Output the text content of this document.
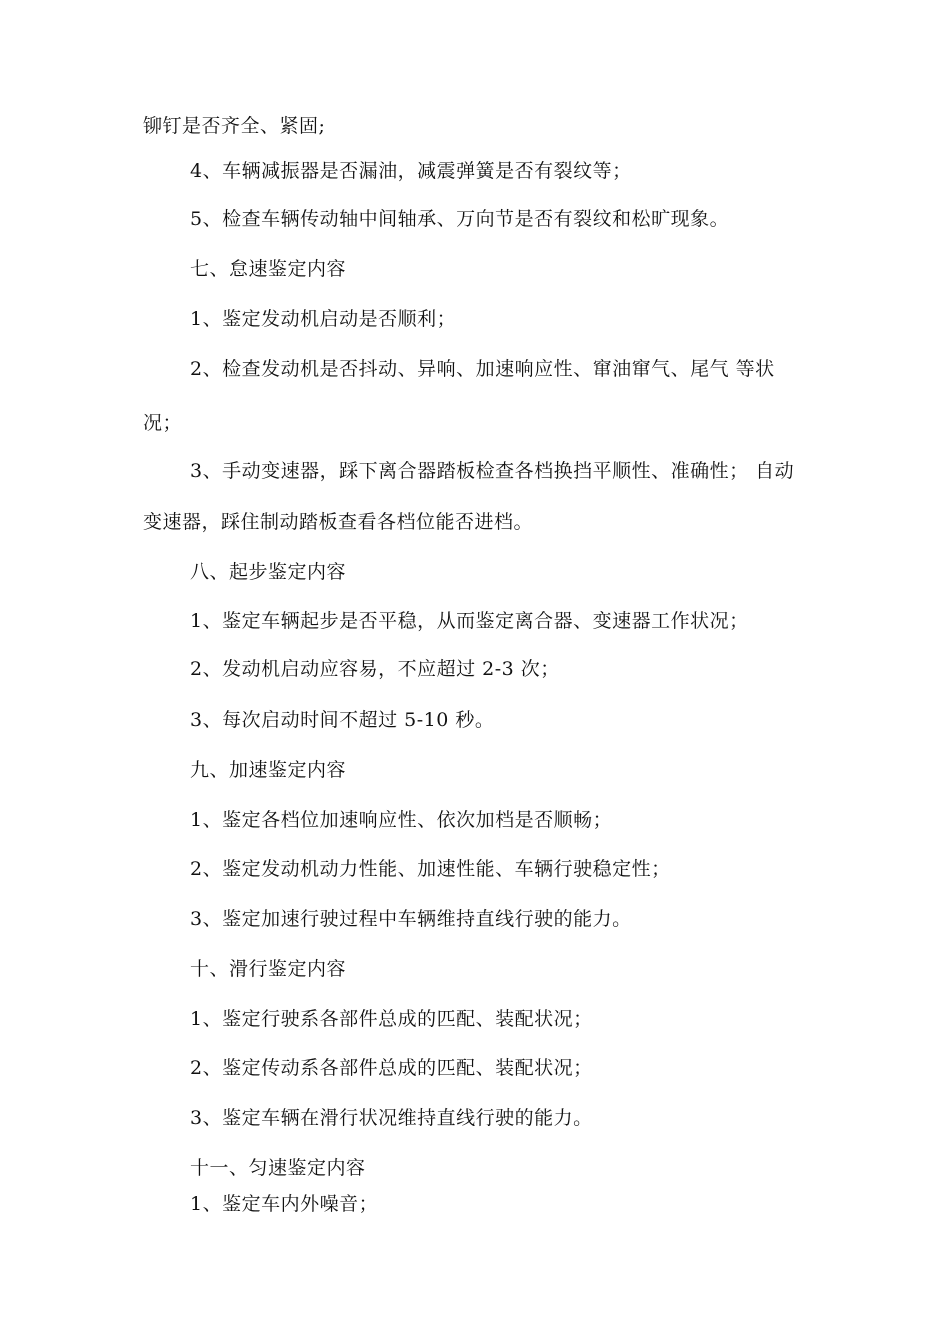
铆钉是否齐全、紧固;
4、车辆减振器是否漏油，减震弹簧是否有裂纹等；
5、检查车辆传动轴中间轴承、万向节是否有裂纹和松旷现象。
七、怠速鉴定内容
1、鉴定发动机启动是否顺利；
2、检查发动机是否抖动、异响、加速响应性、窜油窜气、尾气 等状
况；
3、手动变速器，踩下离合器踏板检查各档换挡平顺性、准确性； 自动
变速器，踩住制动踏板查看各档位能否进档。
八、起步鉴定内容
1、鉴定车辆起步是否平稳，从而鉴定离合器、变速器工作状况；
2、发动机启动应容易，不应超过 2-3 次；
3、每次启动时间不超过 5-10 秒。
九、加速鉴定内容
1、鉴定各档位加速响应性、依次加档是否顺畅；
2、鉴定发动机动力性能、加速性能、车辆行驶稳定性；
3、鉴定加速行驶过程中车辆维持直线行驶的能力。
十、滑行鉴定内容
1、鉴定行驶系各部件总成的匹配、装配状况；
2、鉴定传动系各部件总成的匹配、装配状况；
3、鉴定车辆在滑行状况维持直线行驶的能力。
十一、匀速鉴定内容
1、鉴定车内外噪音；
